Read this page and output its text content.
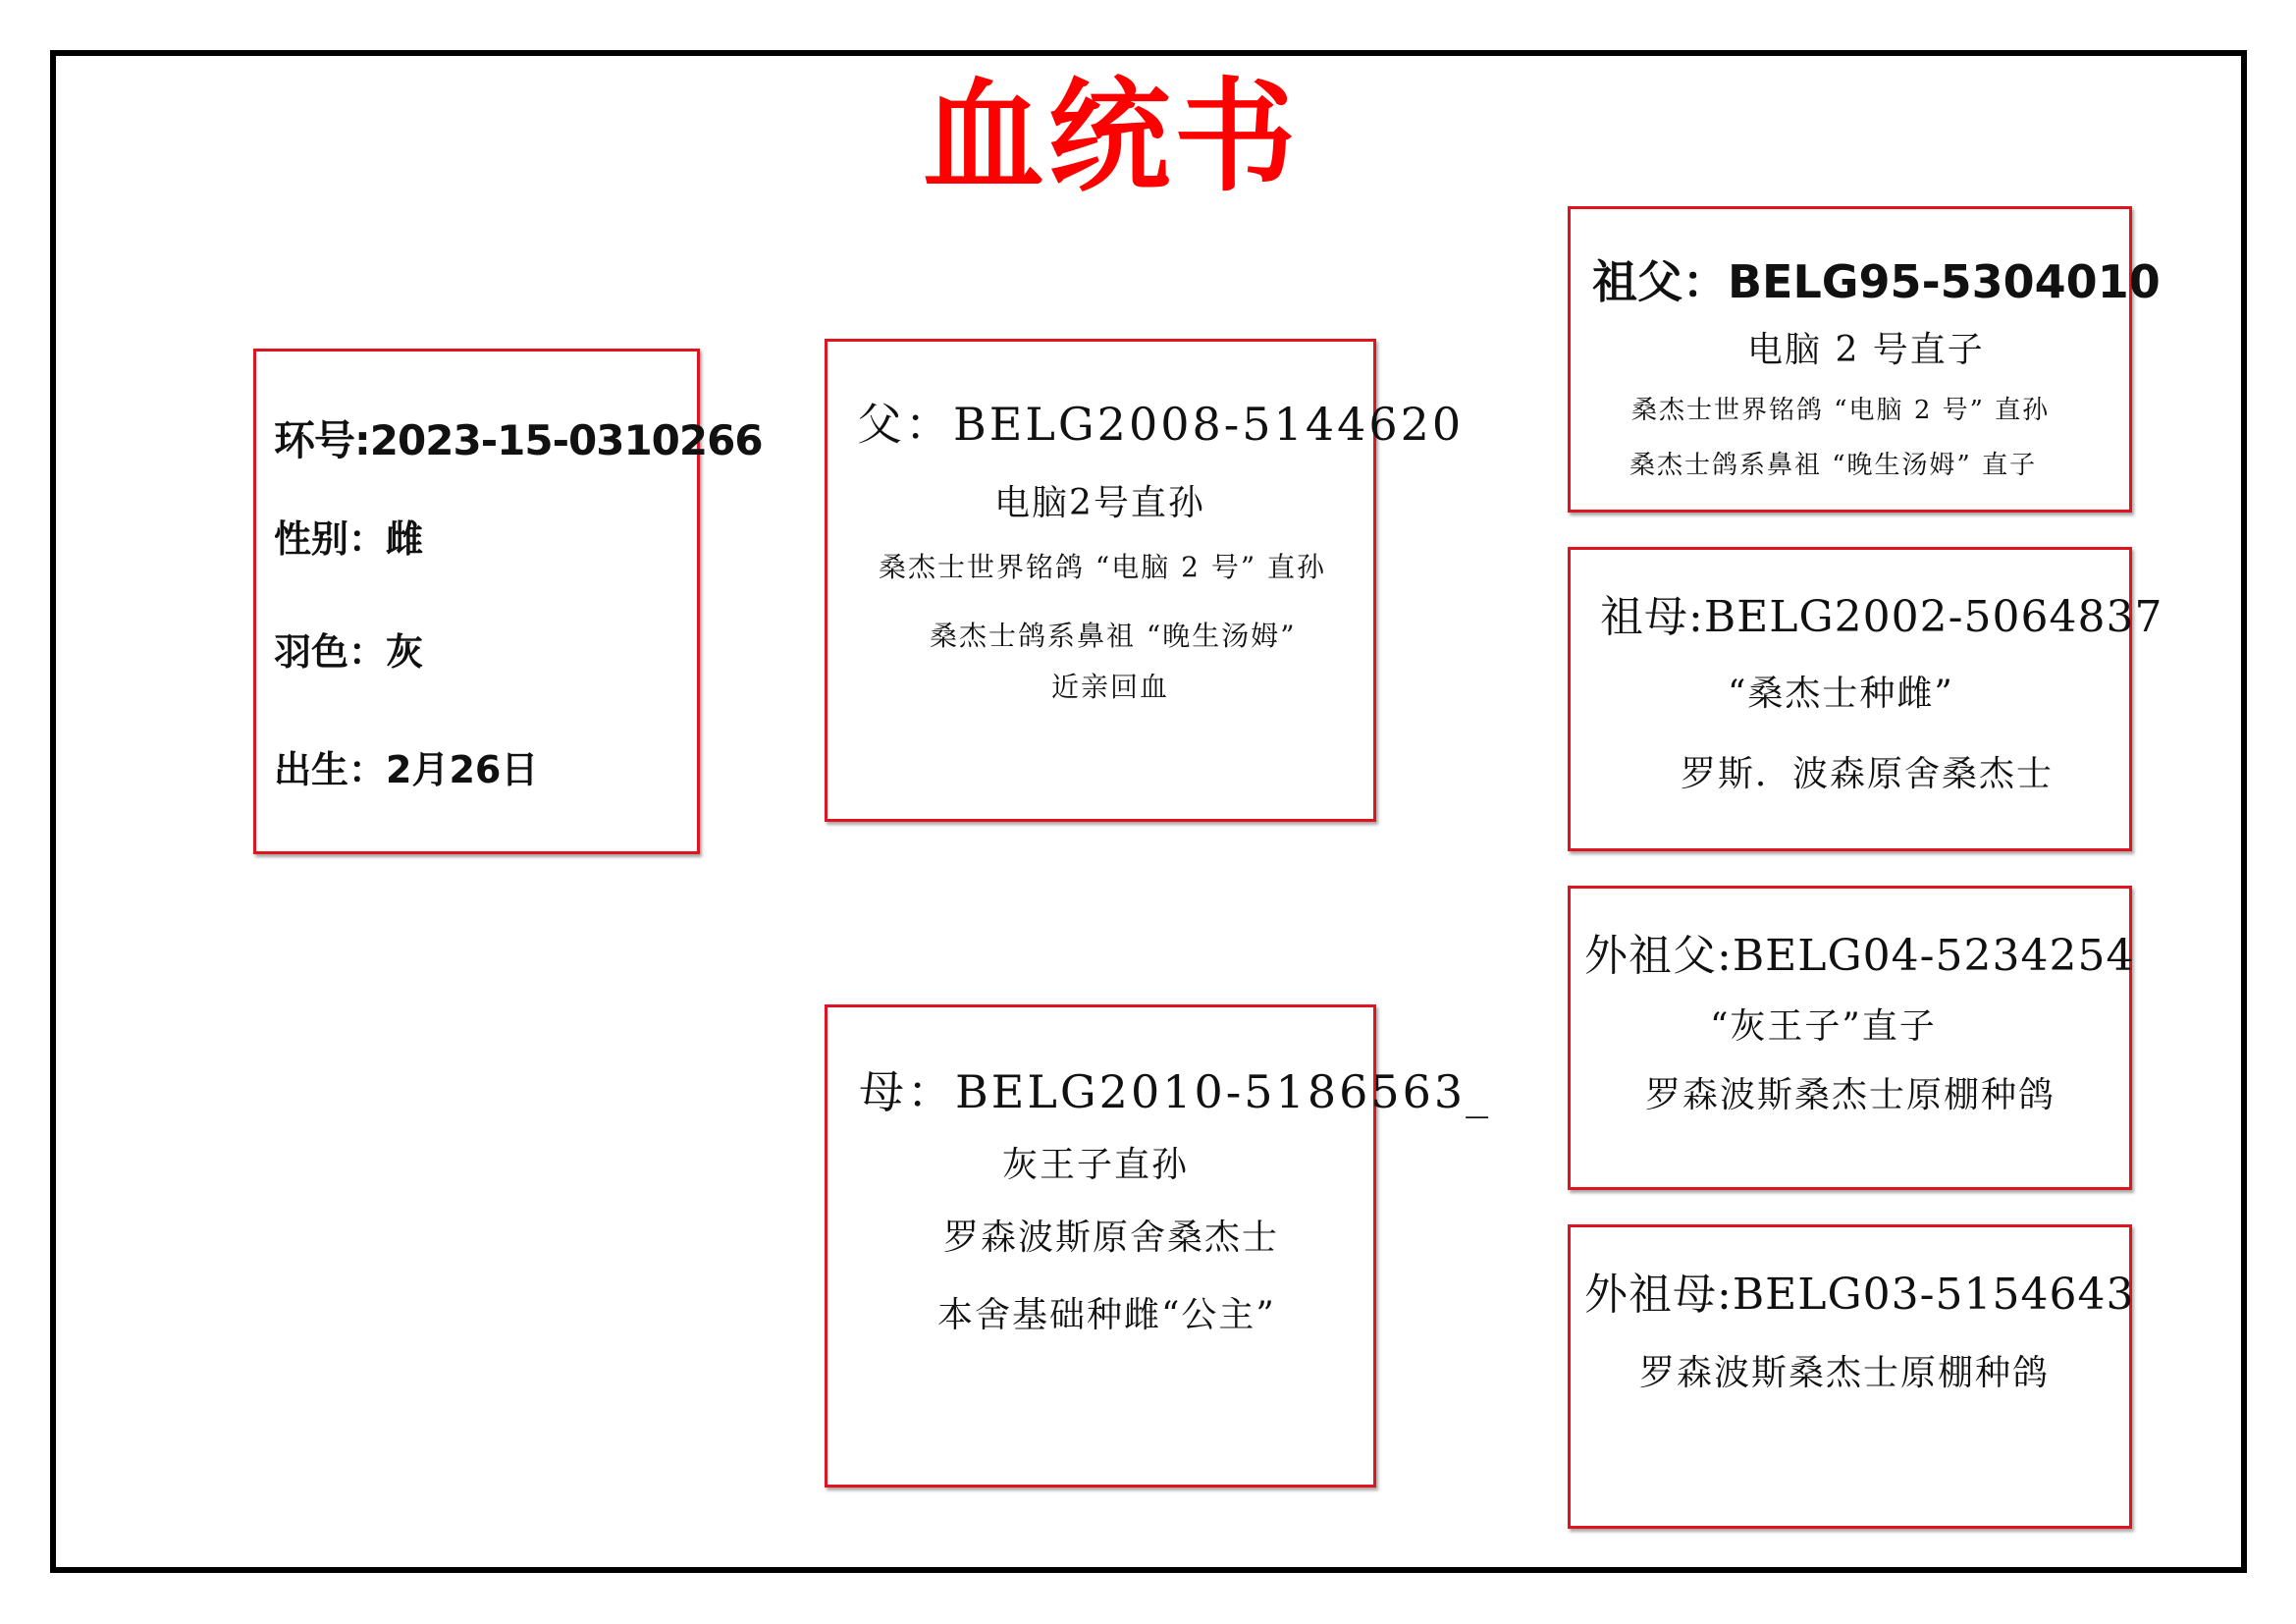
血统书
环号:2023-15-0310266
性别：雌
羽色：灰
出生：2月26日
父：BELG2008-5144620
电脑2号直孙
桑杰士世界铭鸽 “电脑 2 号” 直孙
桑杰士鸽系鼻祖 “晚生汤姆”
近亲回血
母：BELG2010-5186563_
灰王子直孙
罗森波斯原舍桑杰士
本舍基础种雌“公主”
祖父：BELG95-5304010
电脑 2 号直子
桑杰士世界铭鸽 “电脑 2 号” 直孙
桑杰士鸽系鼻祖 “晚生汤姆” 直子
祖母:BELG2002-5064837
“桑杰士种雌”
罗斯．波森原舍桑杰士
外祖父:BELG04-5234254
“灰王子”直子
罗森波斯桑杰士原棚种鸽
外祖母:BELG03-5154643
罗森波斯桑杰士原棚种鸽
